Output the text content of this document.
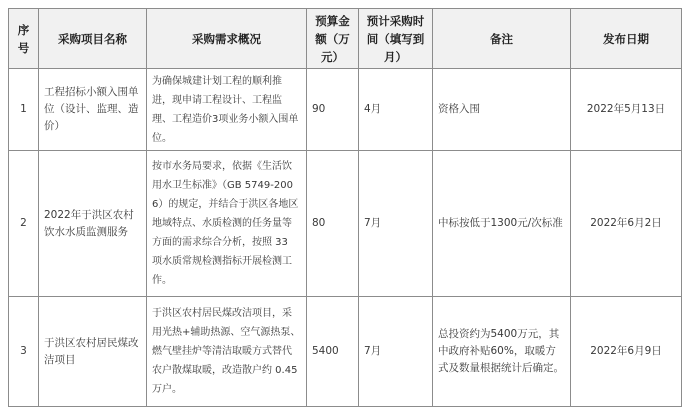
序号	采购项目名称	采购需求概况	预算金额（万元）	预计采购时间（填写到月）	备注	发布日期
1	工程招标小额入围单位（设计、监理、造价）	为确保城建计划工程的顺利推进，现申请工程设计、工程监理、工程造价3项业务小额入围单位。	90	4月	资格入围	2022年5月13日
2	2022年于洪区农村饮水水质监测服务	按市水务局要求，依据《生活饮用水卫生标准》（GB 5749-2006）的规定，并结合于洪区各地区地域特点、水质检测的任务量等方面的需求综合分析，按照 33 项水质常规检测指标开展检测工作。	80	7月	中标按低于1300元/次标准	2022年6月2日
3	于洪区农村居民煤改洁项目	于洪区农村居民煤改洁项目，采用光热+辅助热源、空气源热泵、燃气壁挂炉等清洁取暖方式替代农户散煤取暖，改造散户约 0.45 万户。	5400	7月	总投资约为5400万元，其中政府补贴60%，取暖方式及数量根据统计后确定。	2022年6月9日
